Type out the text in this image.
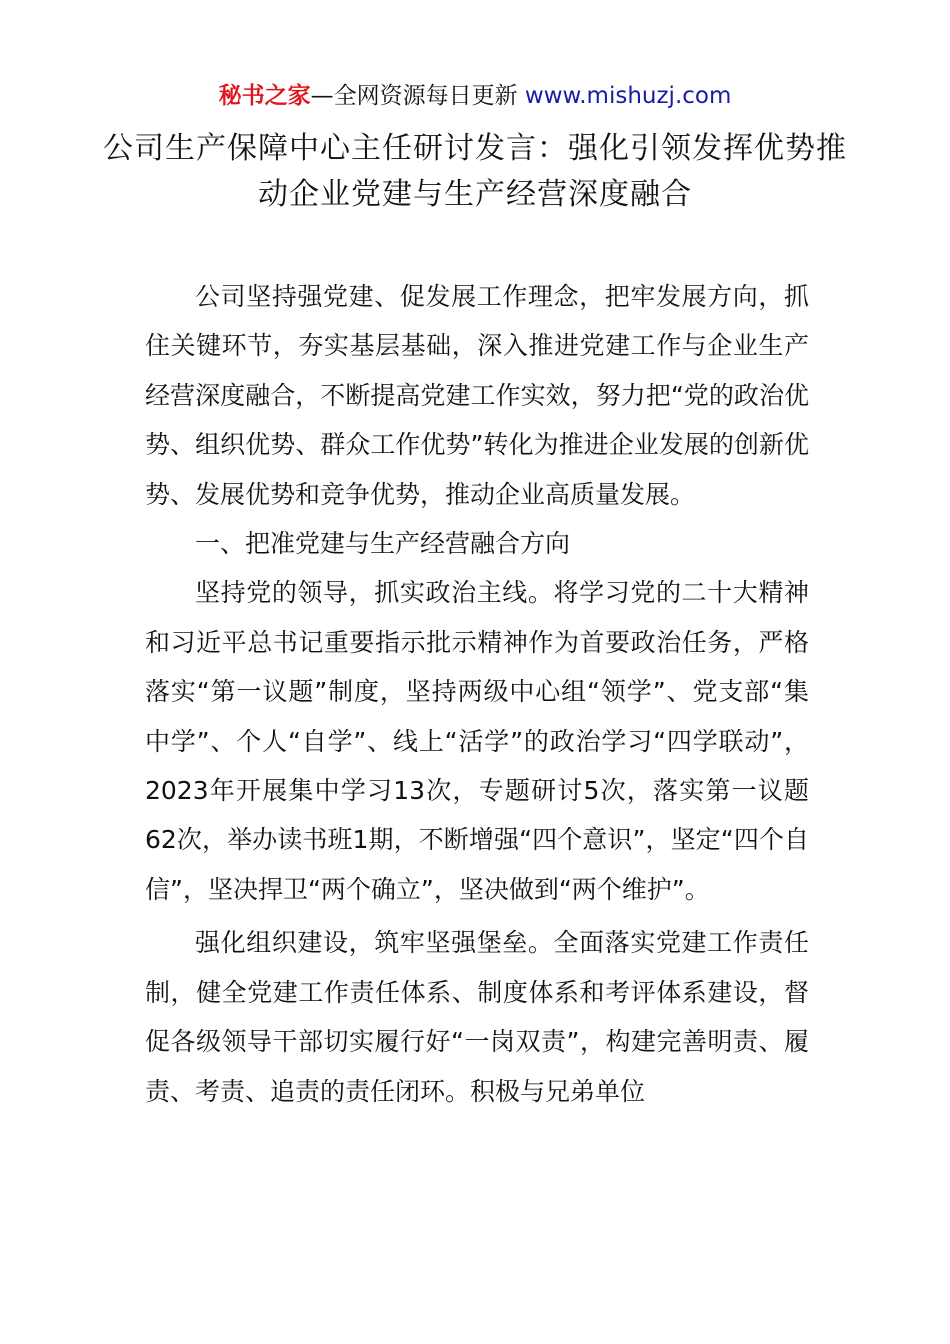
秘书之家—全网资源每日更新 www.mishuzj.com
公司生产保障中心主任研讨发言：强化引领发挥优势推动企业党建与生产经营深度融合

公司坚持强党建、促发展工作理念，把牢发展方向，抓住关键环节，夯实基层基础，深入推进党建工作与企业生产经营深度融合，不断提高党建工作实效，努力把“党的政治优势、组织优势、群众工作优势”转化为推进企业发展的创新优势、发展优势和竞争优势，推动企业高质量发展。

一、把准党建与生产经营融合方向

坚持党的领导，抓实政治主线。将学习党的二十大精神和习近平总书记重要指示批示精神作为首要政治任务，严格落实“第一议题”制度，坚持两级中心组“领学”、党支部“集中学”、个人“自学”、线上“活学”的政治学习“四学联动”，2023年开展集中学习13次，专题研讨5次，落实第一议题62次，举办读书班1期，不断增强“四个意识”，坚定“四个自信”，坚决捍卫“两个确立”，坚决做到“两个维护”。

强化组织建设，筑牢坚强堡垒。全面落实党建工作责任制，健全党建工作责任体系、制度体系和考评体系建设，督促各级领导干部切实履行好“一岗双责”，构建完善明责、履责、考责、追责的责任闭环。积极与兄弟单位
